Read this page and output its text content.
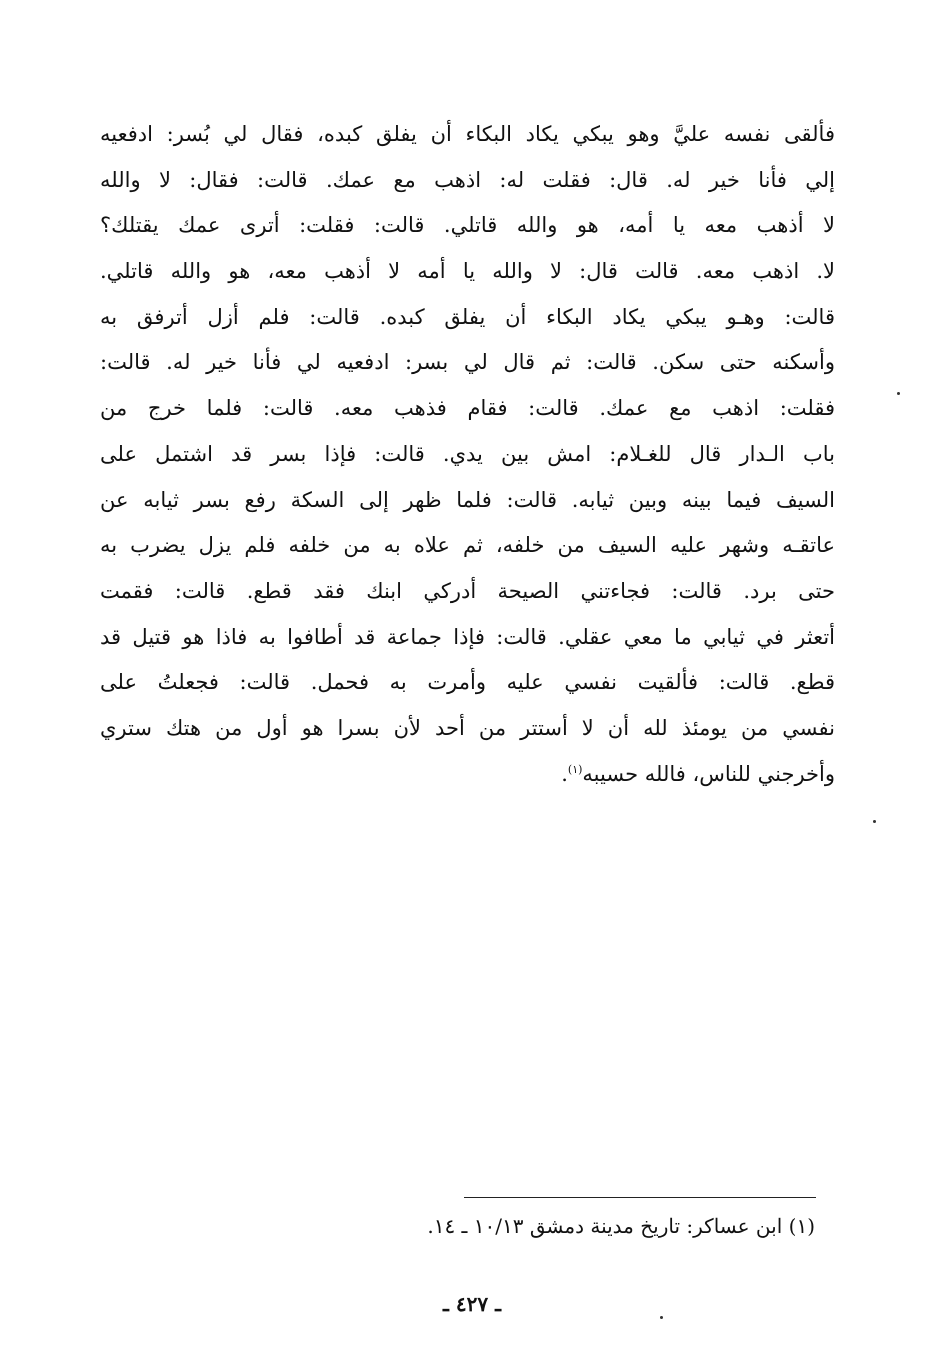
فألقى نفسه عليَّ وهو يبكي يكاد البكاء أن يفلق كبده، فقال لي بُسر: ادفعيه
إلي فأنا خير له. قال: فقلت له: اذهب مع عمك. قالت: فقال: لا والله
لا أذهب معه يا أمه، هو والله قاتلي. قالت: فقلت: أترى عمك يقتلك؟
لا. اذهب معه. قالت قال: لا والله يا أمه لا أذهب معه، هو والله قاتلي.
قالت: وهـو يبكي يكاد البكاء أن يفلق كبده. قالت: فلم أزل أترفق به
وأسكنه حتى سكن. قالت: ثم قال لي بسر: ادفعيه لي فأنا خير له. قالت:
فقلت: اذهب مع عمك. قالت: فقام فذهب معه. قالت: فلما خرج من
باب الـدار قال للغـلام: امش بين يدي. قالت: فإذا بسر قد اشتمل على
السيف فيما بينه وبين ثيابه. قالت: فلما ظهر إلى السكة رفع بسر ثيابه عن
عاتقـه وشهر عليه السيف من خلفه، ثم علاه به من خلفه فلم يزل يضرب به
حتى برد. قالت: فجاءتني الصيحة أدركي ابنك فقد قطع. قالت: فقمت
أتعثر في ثيابي ما معي عقلي. قالت: فإذا جماعة قد أطافوا به فاذا هو قتيل قد
قطع. قالت: فألقيت نفسي عليه وأمرت به فحمل. قالت: فجعلتُ على
نفسي من يومئذ لله أن لا أستتر من أحد لأن بسرا هو أول من هتك ستري
وأخرجني للناس، فالله حسيبه$^{(١)}$.
(١) ابن عساكر: تاريخ مدينة دمشق ١٠/١٣ ـ ١٤.
ـ ٤٢٧ ـ
